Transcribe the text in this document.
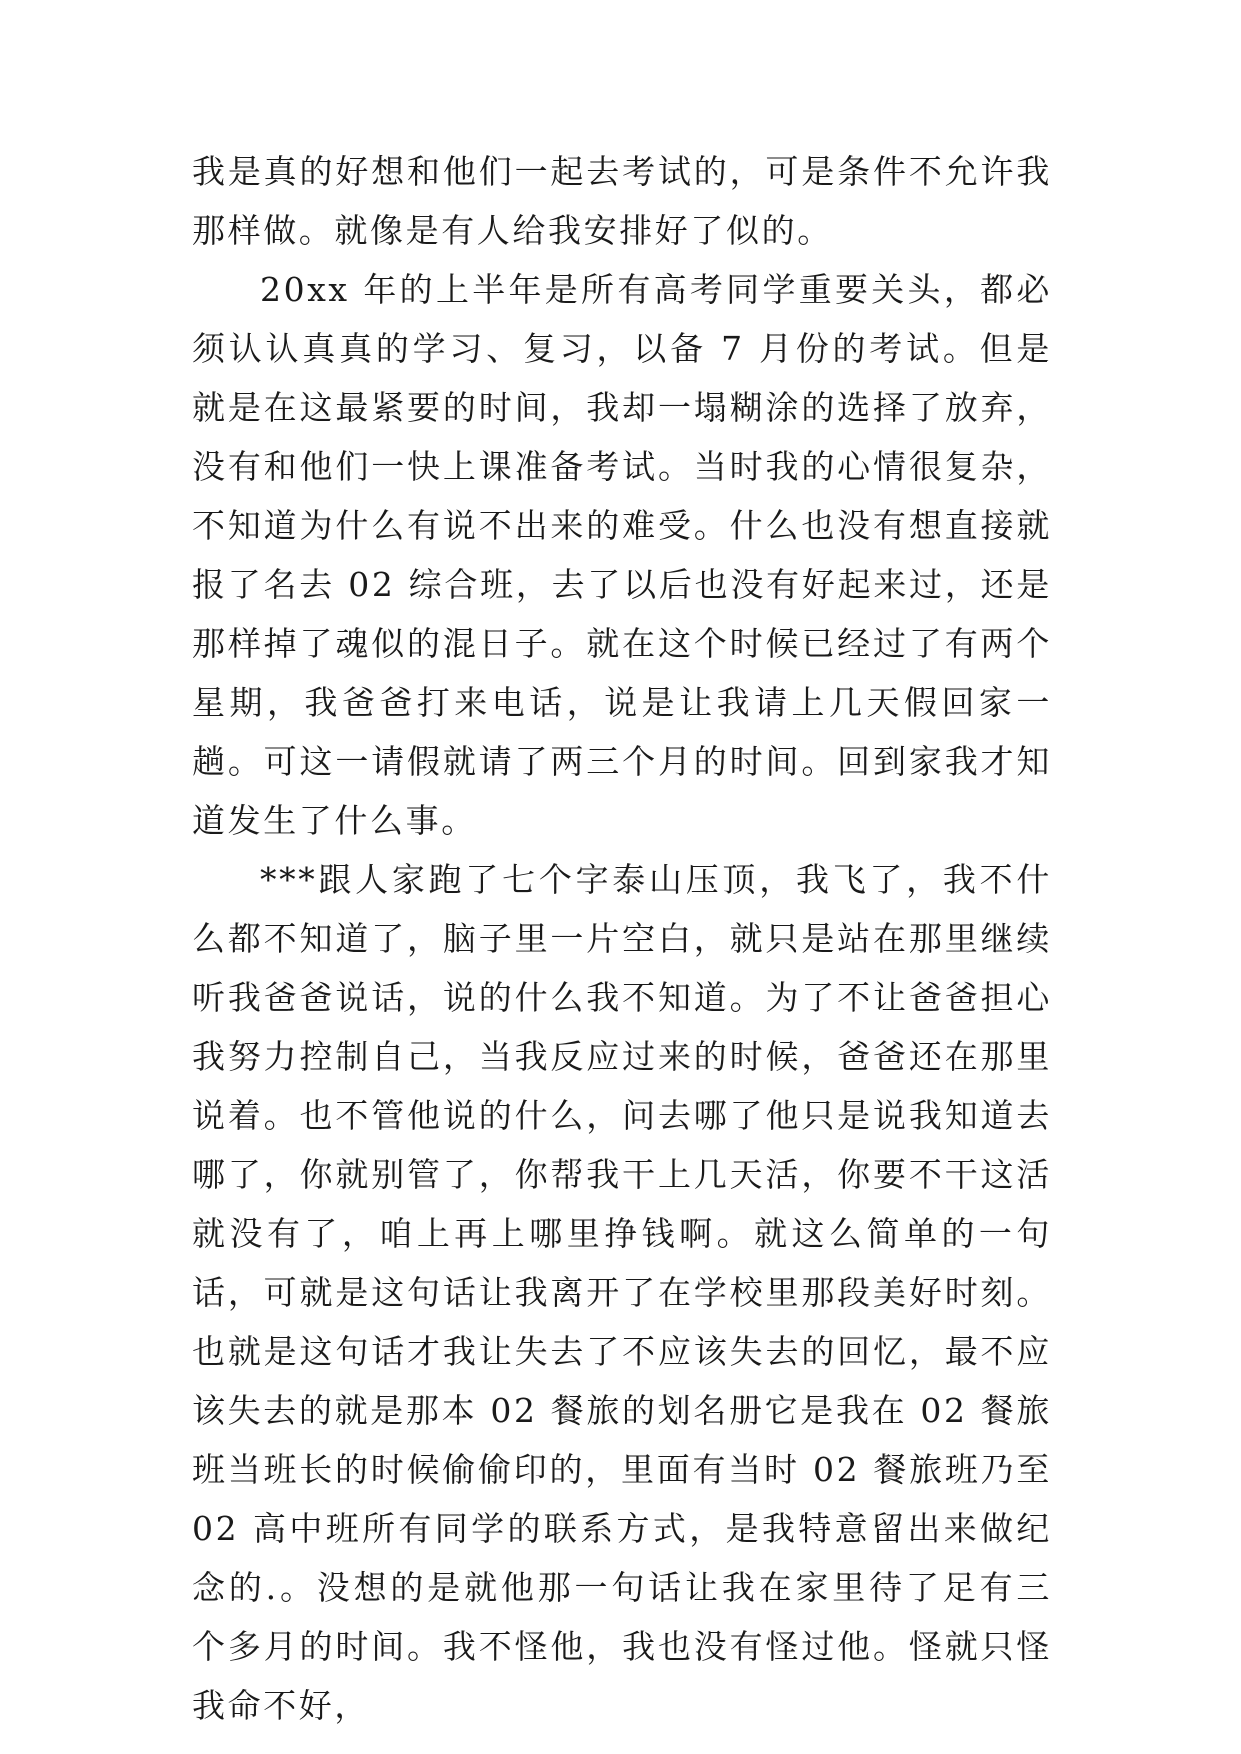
我是真的好想和他们一起去考试的，可是条件不允许我那样做。就像是有人给我安排好了似的。

20xx 年的上半年是所有高考同学重要关头，都必须认认真真的学习、复习，以备 7 月份的考试。但是就是在这最紧要的时间，我却一塌糊涂的选择了放弃，没有和他们一快上课准备考试。当时我的心情很复杂，不知道为什么有说不出来的难受。什么也没有想直接就报了名去 02 综合班，去了以后也没有好起来过，还是那样掉了魂似的混日子。就在这个时候已经过了有两个星期，我爸爸打来电话，说是让我请上几天假回家一趟。可这一请假就请了两三个月的时间。回到家我才知道发生了什么事。

***跟人家跑了七个字泰山压顶，我飞了，我不什么都不知道了，脑子里一片空白，就只是站在那里继续听我爸爸说话，说的什么我不知道。为了不让爸爸担心我努力控制自己，当我反应过来的时候，爸爸还在那里说着。也不管他说的什么，问去哪了他只是说我知道去哪了，你就别管了，你帮我干上几天活，你要不干这活就没有了，咱上再上哪里挣钱啊。就这么简单的一句话，可就是这句话让我离开了在学校里那段美好时刻。也就是这句话才我让失去了不应该失去的回忆，最不应该失去的就是那本 02 餐旅的划名册它是我在 02 餐旅班当班长的时候偷偷印的，里面有当时 02 餐旅班乃至 02 高中班所有同学的联系方式，是我特意留出来做纪念的.。没想的是就他那一句话让我在家里待了足有三个多月的时间。我不怪他，我也没有怪过他。怪就只怪我命不好，
